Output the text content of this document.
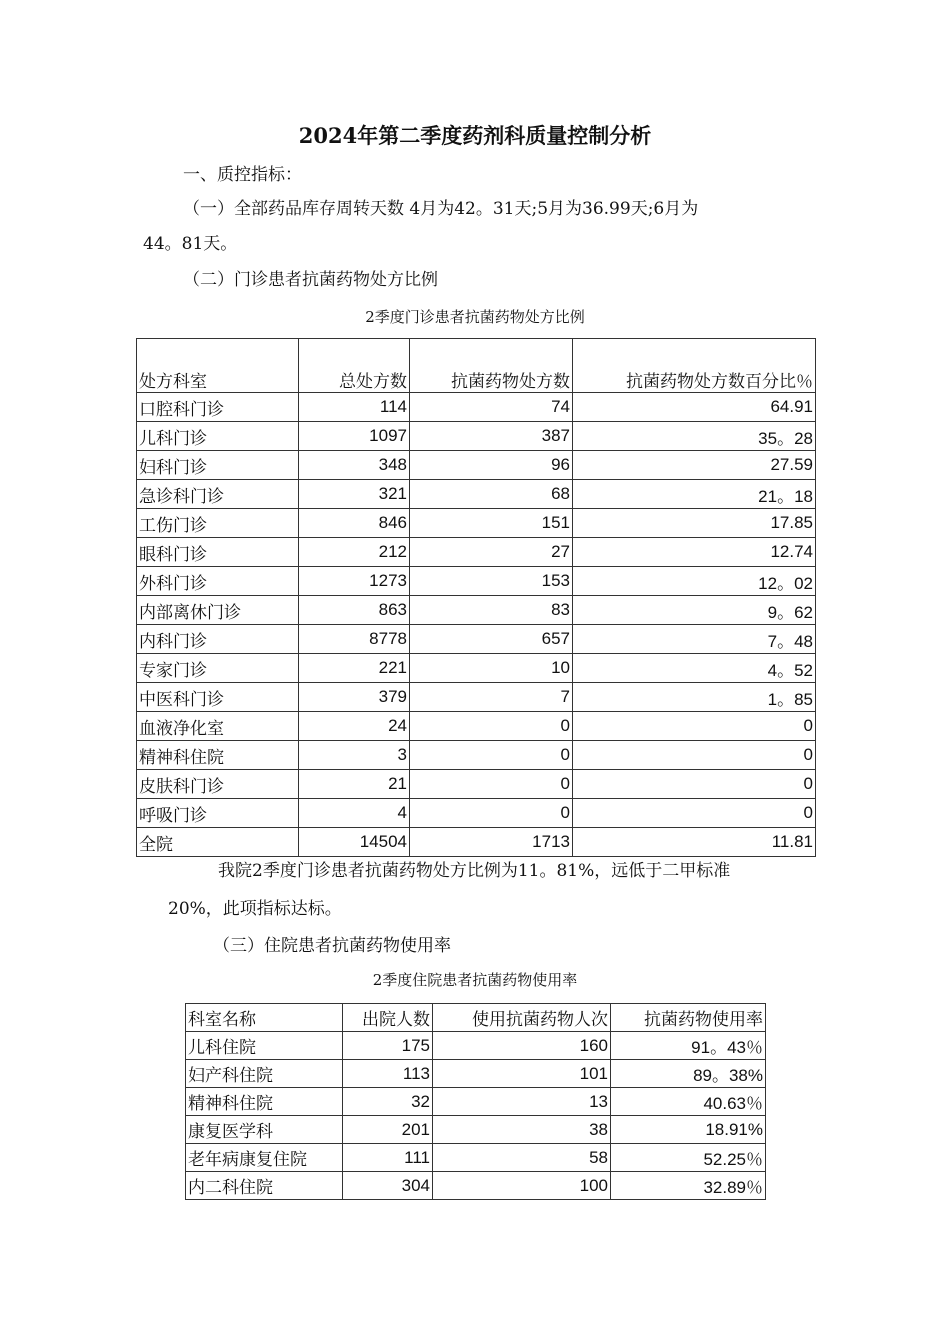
2024年第二季度药剂科质量控制分析
一、质控指标：
（一）全部药品库存周转天数 4月为42。31天;5月为36.99天;6月为
44。81天。
（二）门诊患者抗菌药物处方比例
2季度门诊患者抗菌药物处方比例
处方科室	总处方数	抗菌药物处方数	抗菌药物处方数百分比％
口腔科门诊	114	74	64.91
儿科门诊	1097	387	35。28
妇科门诊	348	96	27.59
急诊科门诊	321	68	21。18
工伤门诊	846	151	17.85
眼科门诊	212	27	12.74
外科门诊	1273	153	12。02
内部离休门诊	863	83	9。62
内科门诊	8778	657	7。48
专家门诊	221	10	4。52
中医科门诊	379	7	1。85
血液净化室	24	0	0
精神科住院	3	0	0
皮肤科门诊	21	0	0
呼吸门诊	4	0	0
全院	14504	1713	11.81
我院2季度门诊患者抗菌药物处方比例为11。81%，远低于二甲标准
20%，此项指标达标。
（三）住院患者抗菌药物使用率
2季度住院患者抗菌药物使用率
科室名称	出院人数	使用抗菌药物人次	抗菌药物使用率
儿科住院	175	160	91。43％
妇产科住院	113	101	89。38%
精神科住院	32	13	40.63％
康复医学科	201	38	18.91%
老年病康复住院	111	58	52.25％
内二科住院	304	100	32.89％
